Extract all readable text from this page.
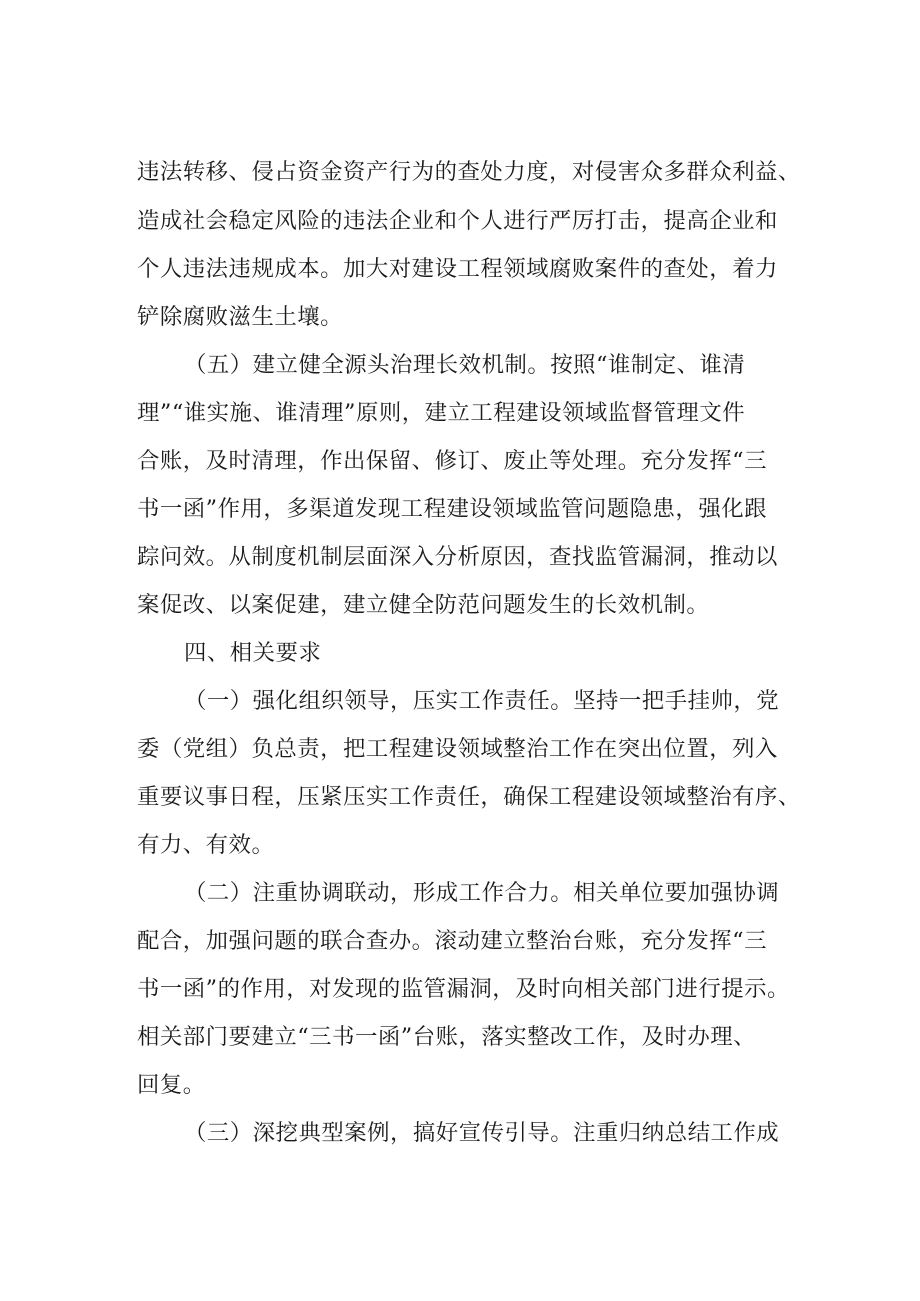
违法转移、侵占资金资产行为的查处力度，对侵害众多群众利益、
造成社会稳定风险的违法企业和个人进行严厉打击，提高企业和
个人违法违规成本。加大对建设工程领域腐败案件的查处，着力
铲除腐败滋生土壤。
（五）建立健全源头治理长效机制。按照“谁制定、谁清
理”“谁实施、谁清理”原则，建立工程建设领域监督管理文件
合账，及时清理，作出保留、修订、废止等处理。充分发挥“三
书一函”作用，多渠道发现工程建设领域监管问题隐患，强化跟
踪问效。从制度机制层面深入分析原因，查找监管漏洞，推动以
案促改、以案促建，建立健全防范问题发生的长效机制。
四、相关要求
（一）强化组织领导，压实工作责任。坚持一把手挂帅，党
委（党组）负总责，把工程建设领域整治工作在突出位置，列入
重要议事日程，压紧压实工作责任，确保工程建设领域整治有序、
有力、有效。
（二）注重协调联动，形成工作合力。相关单位要加强协调
配合，加强问题的联合查办。滚动建立整治台账，充分发挥“三
书一函”的作用，对发现的监管漏洞，及时向相关部门进行提示。
相关部门要建立“三书一函”台账，落实整改工作，及时办理、
回复。
（三）深挖典型案例，搞好宣传引导。注重归纳总结工作成
